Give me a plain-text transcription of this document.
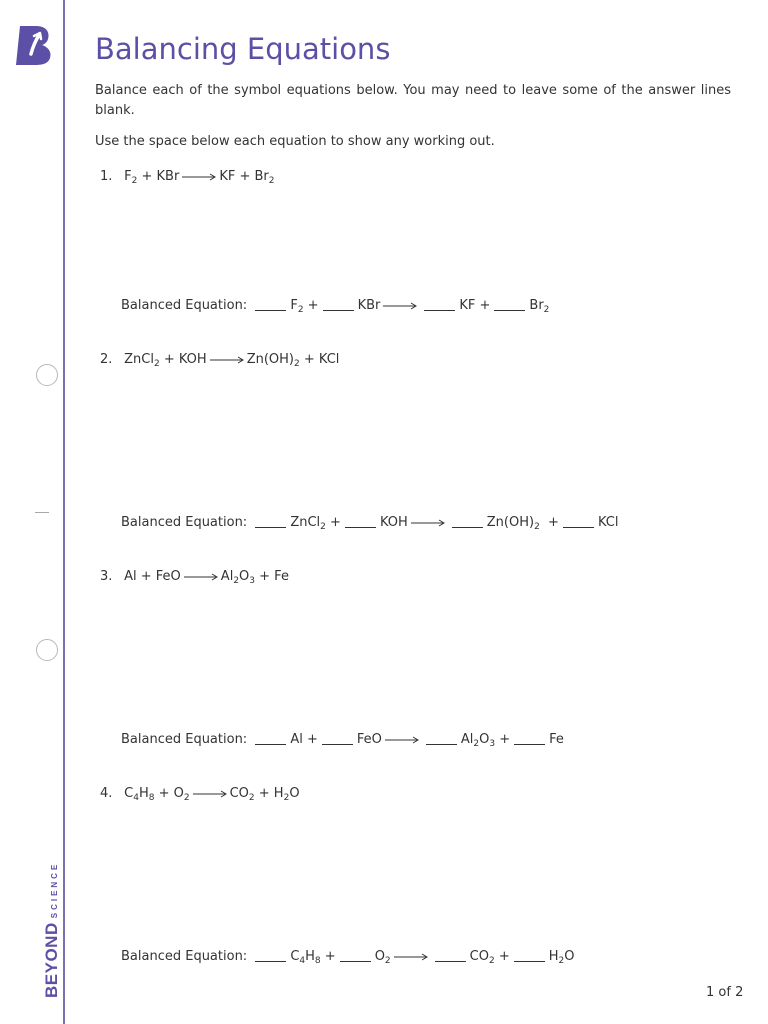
BEYONDSCIENCE
Balancing Equations

Balance each of the symbol equations below. You may need to leave some of the answer lines blank.

Use the space below each equation to show any working out.

1. $F_2$ + KBr	KF + $Br_2$
Balanced Equation:	$F_2$ +	KBr	KF +	$Br_2$
2. ZnCl$_2$ + KOH	$Zn(OH)_2$ + KCl
Balanced Equation:	ZnCl$_2$ +	KOH	$Zn(OH)_2$  +	KCl
3. Al + FeO	$Al_2O_3 + Fe$
Balanced Equation:	Al +	FeO	$Al_2O_3$ +	Fe
4. $C_4H_8 + O_2$	$CO_2 + H_2O$
Balanced Equation:	$C_4H_8$ +	$O_2$	$CO_2$ +	$H_2O$
1 of 2
